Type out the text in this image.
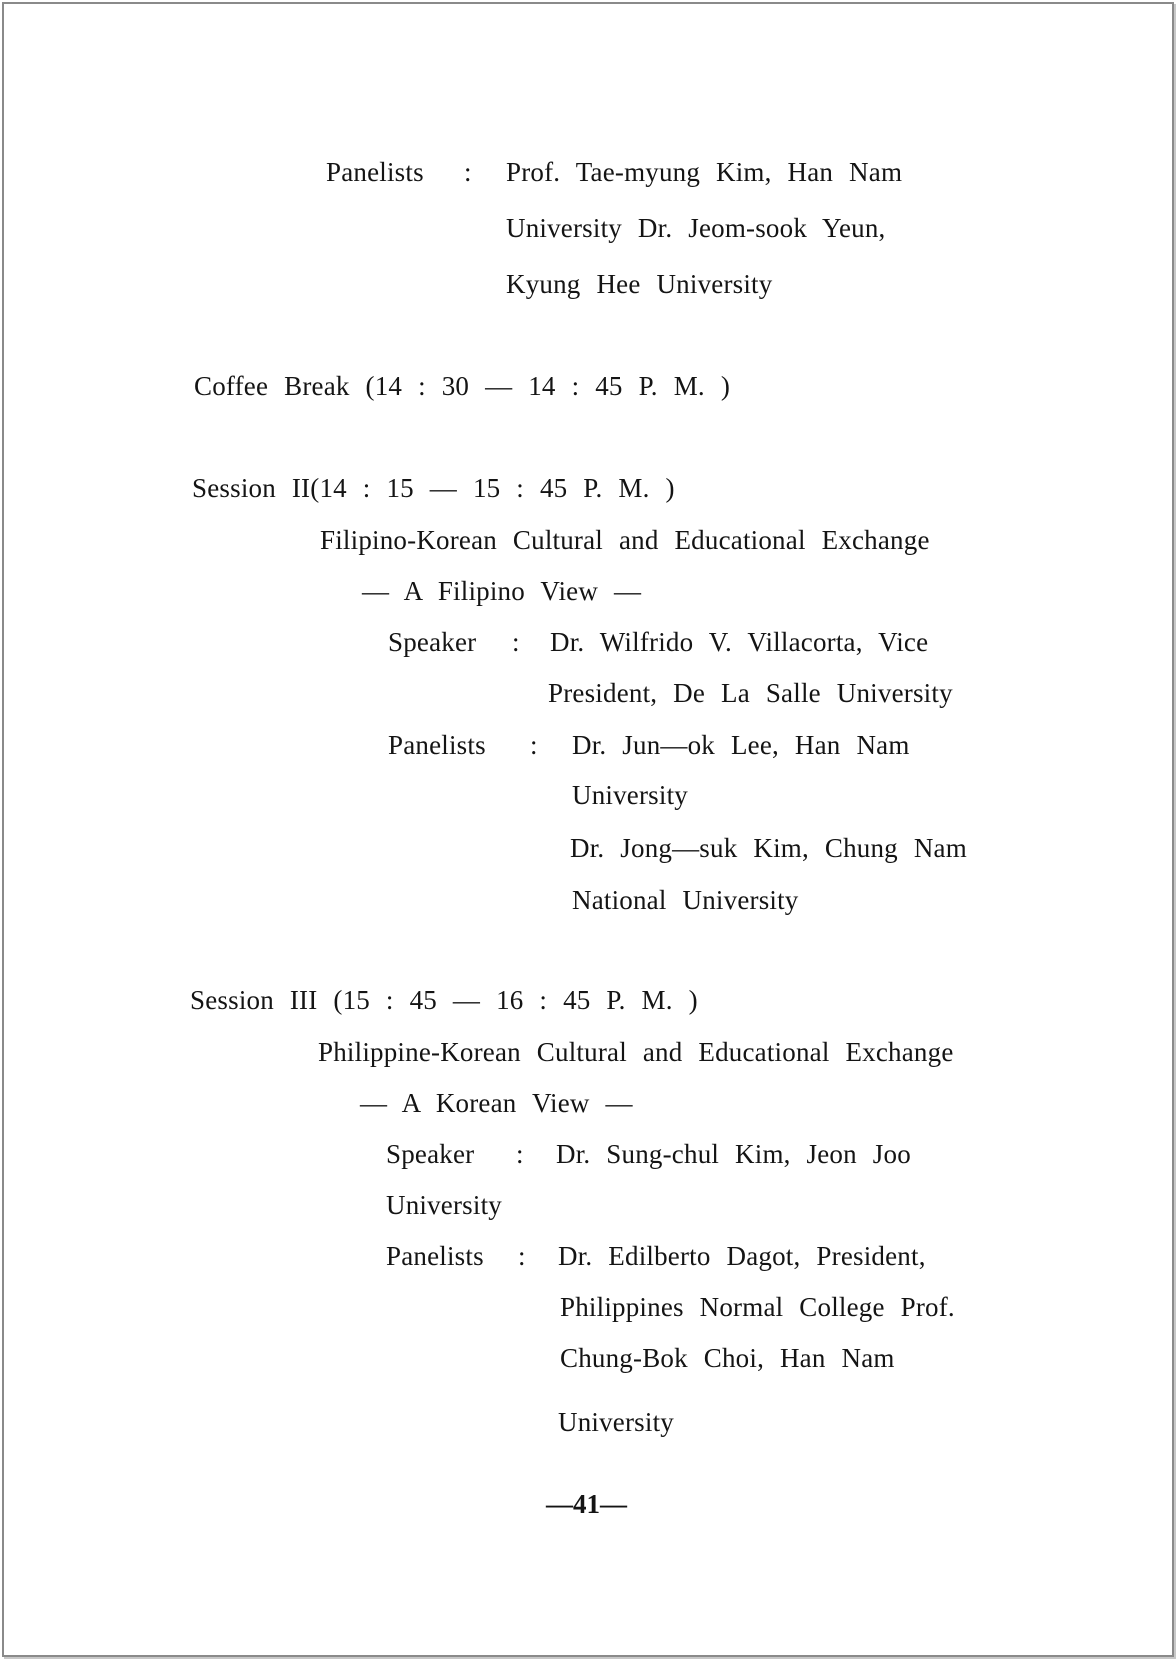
Panelists : Prof. Tae-myung Kim, Han Nam
University Dr. Jeom-sook Yeun,
Kyung Hee University
Coffee Break (14 : 30 — 14 : 45 P. M. )
Session II(14 : 15 — 15 : 45 P. M. )
Filipino-Korean Cultural and Educational Exchange
— A Filipino View —
Speaker : Dr. Wilfrido V. Villacorta, Vice
President, De La Salle University
Panelists : Dr. Jun—ok Lee, Han Nam
University
Dr. Jong—suk Kim, Chung Nam
National University
Session III (15 : 45 — 16 : 45 P. M. )
Philippine-Korean Cultural and Educational Exchange
— A Korean View —
Speaker : Dr. Sung-chul Kim, Jeon Joo
University
Panelists : Dr. Edilberto Dagot, President,
Philippines Normal College Prof.
Chung-Bok Choi, Han Nam
University
—41—
